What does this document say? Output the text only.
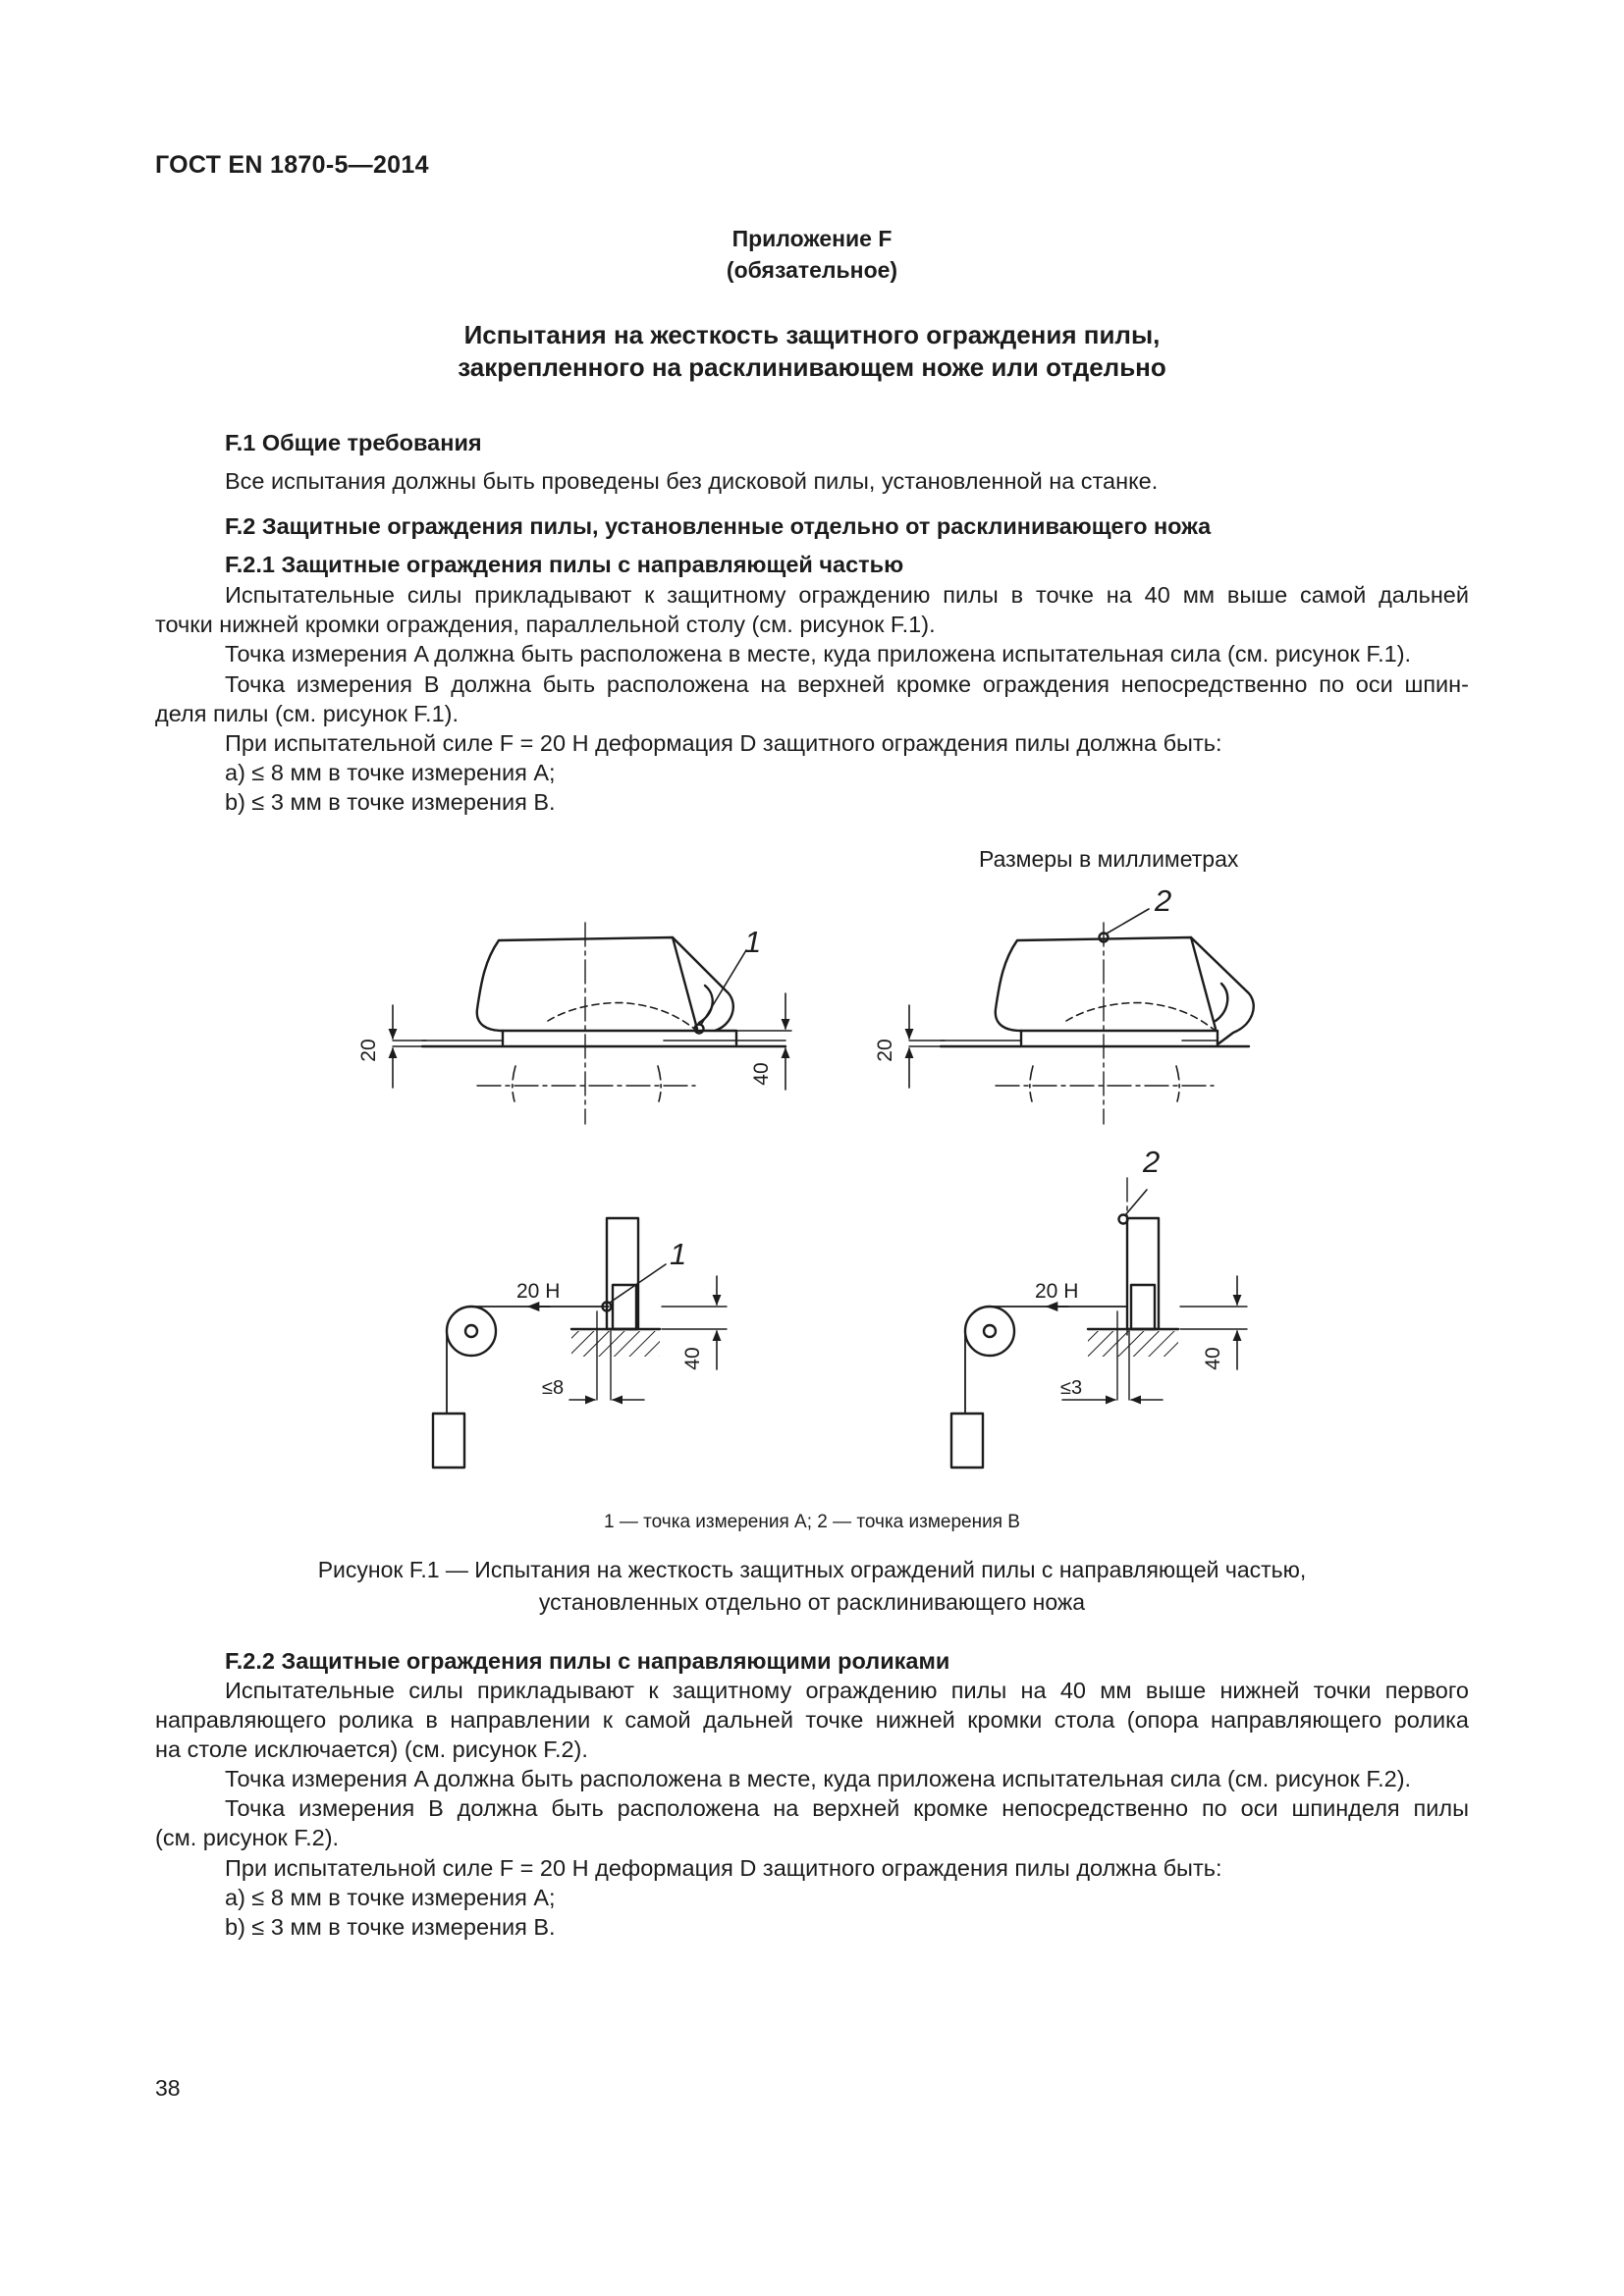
ГОСТ EN 1870-5—2014
Приложение F
(обязательное)
Испытания на жесткость защитного ограждения пилы,
закрепленного на расклинивающем ноже или отдельно
F.1 Общие требования
Все испытания должны быть проведены без дисковой пилы, установленной на станке.
F.2 Защитные ограждения пилы, установленные отдельно от расклинивающего ножа
F.2.1 Защитные ограждения пилы с направляющей частью
Испытательные силы прикладывают к защитному ограждению пилы в точке на 40 мм выше самой дальней
точки нижней кромки ограждения, параллельной столу (см. рисунок F.1).
Точка измерения A должна быть расположена в месте, куда приложена испытательная сила (см. рисунок F.1).
Точка измерения B должна быть расположена на верхней кромке ограждения непосредственно по оси шпин-
деля пилы (см. рисунок F.1).
При испытательной силе F = 20 Н деформация D защитного ограждения пилы должна быть:
a) ≤ 8 мм в точке измерения A;
b) ≤ 3 мм в точке измерения B.
Размеры в миллиметрах
20
40
20
40	40
1
2
1
2
20 Н	20 Н
≤8	≤3
1 — точка измерения A; 2 — точка измерения B
Рисунок F.1 — Испытания на жесткость защитных ограждений пилы с направляющей частью,
установленных отдельно от расклинивающего ножа
F.2.2 Защитные ограждения пилы с направляющими роликами
Испытательные силы прикладывают к защитному ограждению пилы на 40 мм выше нижней точки первого
направляющего ролика в направлении к самой дальней точке нижней кромки стола (опора направляющего ролика
на столе исключается) (см. рисунок F.2).
Точка измерения A должна быть расположена в месте, куда приложена испытательная сила (см. рисунок F.2).
Точка измерения B должна быть расположена на верхней кромке непосредственно по оси шпинделя пилы
(см. рисунок F.2).
При испытательной силе F = 20 Н деформация D защитного ограждения пилы должна быть:
a) ≤ 8 мм в точке измерения A;
b) ≤ 3 мм в точке измерения B.
38
